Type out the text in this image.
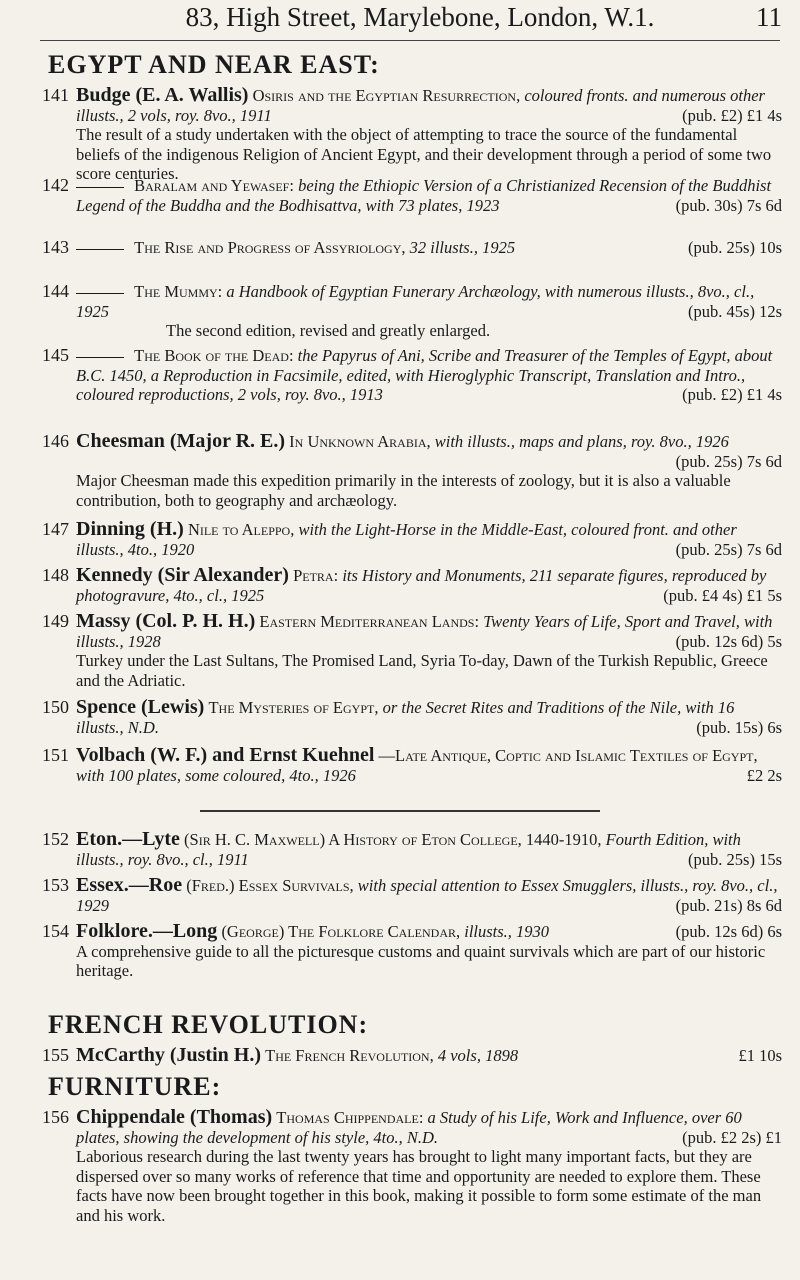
83, High Street, Marylebone, London, W.1.	11
EGYPT AND NEAR EAST:
141 Budge (E. A. Wallis) Osiris and the Egyptian Resurrection, coloured fronts. and numerous other illusts., 2 vols, roy. 8vo., 1911	(pub. £2) £1 4s
The result of a study undertaken with the object of attempting to trace the source of the fundamental beliefs of the indigenous Religion of Ancient Egypt, and their development through a period of some two score centuries.
142	Baralam and Yewasef: being the Ethiopic Version of a Christianized Recension of the Buddhist Legend of the Buddha and the Bodhisattva, with 73 plates, 1923	(pub. 30s) 7s 6d
143	The Rise and Progress of Assyriology, 32 illusts., 1925	(pub. 25s) 10s
144	The Mummy: a Handbook of Egyptian Funerary Archæology, with numerous illusts., 8vo., cl., 1925	(pub. 45s) 12s
The second edition, revised and greatly enlarged.
145	The Book of the Dead: the Papyrus of Ani, Scribe and Treasurer of the Temples of Egypt, about B.C. 1450, a Reproduction in Facsimile, edited, with Hieroglyphic Transcript, Translation and Intro., coloured reproductions, 2 vols, roy. 8vo., 1913	(pub. £2) £1 4s
146 Cheesman (Major R. E.) In Unknown Arabia, with illusts., maps and plans, roy. 8vo., 1926
(pub. 25s) 7s 6d
Major Cheesman made this expedition primarily in the interests of zoology, but it is also a valuable contribution, both to geography and archæology.
147 Dinning (H.) Nile to Aleppo, with the Light-Horse in the Middle-East, coloured front. and other illusts., 4to., 1920	(pub. 25s) 7s 6d
148 Kennedy (Sir Alexander) Petra: its History and Monuments, 211 separate figures, reproduced by photogravure, 4to., cl., 1925	(pub. £4 4s) £1 5s
149 Massy (Col. P. H. H.) Eastern Mediterranean Lands: Twenty Years of Life, Sport and Travel, with illusts., 1928	(pub. 12s 6d) 5s
Turkey under the Last Sultans, The Promised Land, Syria To-day, Dawn of the Turkish Republic, Greece and the Adriatic.
150 Spence (Lewis) The Mysteries of Egypt, or the Secret Rites and Traditions of the Nile, with 16 illusts., N.D.	(pub. 15s) 6s
151 Volbach (W. F.) and Ernst Kuehnel —Late Antique, Coptic and Islamic Textiles of Egypt, with 100 plates, some coloured, 4to., 1926	£2 2s
152 Eton.—Lyte (Sir H. C. Maxwell) A History of Eton College, 1440-1910, Fourth Edition, with illusts., roy. 8vo., cl., 1911	(pub. 25s) 15s
153 Essex.—Roe (Fred.) Essex Survivals, with special attention to Essex Smugglers, illusts., roy. 8vo., cl., 1929	(pub. 21s) 8s 6d
154 Folklore.—Long (George) The Folklore Calendar, illusts., 1930	(pub. 12s 6d) 6s
A comprehensive guide to all the picturesque customs and quaint survivals which are part of our historic heritage.
FRENCH REVOLUTION:
155 McCarthy (Justin H.) The French Revolution, 4 vols, 1898	£1 10s
FURNITURE:
156 Chippendale (Thomas) Thomas Chippendale: a Study of his Life, Work and Influence, over 60 plates, showing the development of his style, 4to., N.D.	(pub. £2 2s) £1
Laborious research during the last twenty years has brought to light many important facts, but they are dispersed over so many works of reference that time and opportunity are needed to explore them. These facts have now been brought together in this book, making it possible to form some estimate of the man and his work.
